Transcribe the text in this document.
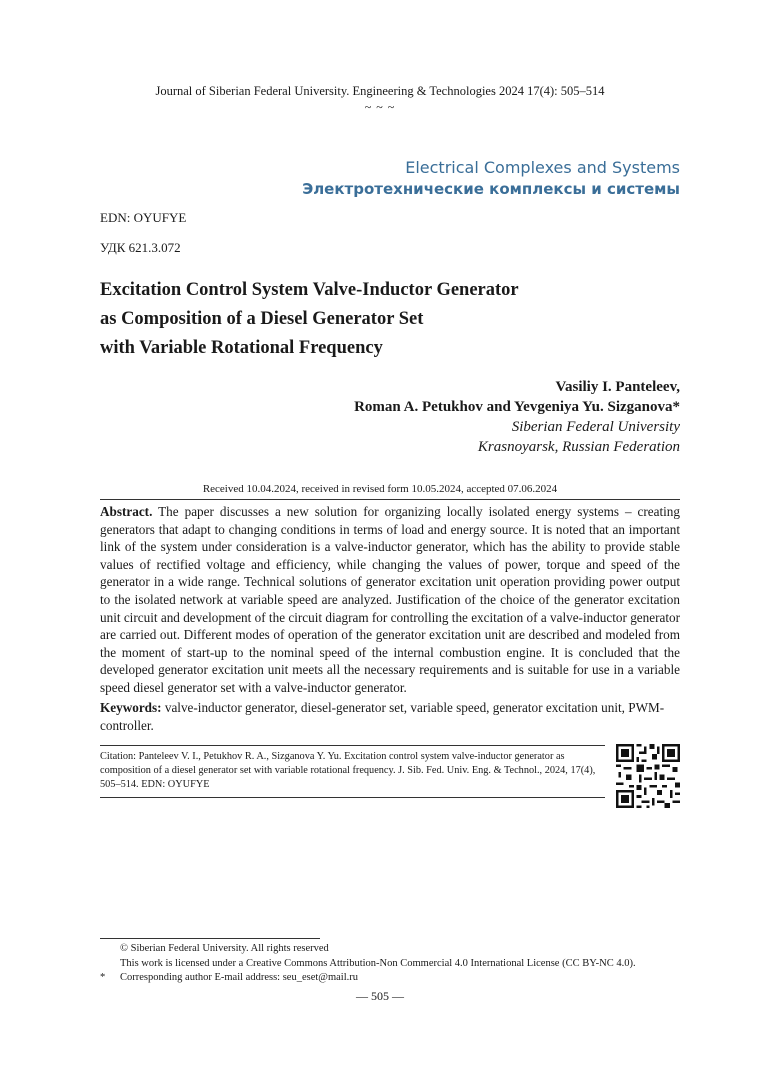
Journal of Siberian Federal University. Engineering & Technologies 2024 17(4): 505–514
~ ~ ~
Electrical Complexes and Systems
Электротехнические комплексы и системы
EDN: OYUFYE
УДК 621.3.072
Excitation Control System Valve-Inductor Generator
as Composition of a Diesel Generator Set
with Variable Rotational Frequency
Vasiliy I. Panteleev,
Roman A. Petukhov and Yevgeniya Yu. Sizganova*
Siberian Federal University
Krasnoyarsk, Russian Federation
Received 10.04.2024, received in revised form 10.05.2024, accepted 07.06.2024
Abstract. The paper discusses a new solution for organizing locally isolated energy systems – creating generators that adapt to changing conditions in terms of load and energy source. It is noted that an important link of the system under consideration is a valve-inductor generator, which has the ability to provide stable values of rectified voltage and efficiency, while changing the values of power, torque and speed of the generator in a wide range. Technical solutions of generator excitation unit operation providing power output to the isolated network at variable speed are analyzed. Justification of the choice of the generator excitation unit circuit and development of the circuit diagram for controlling the excitation of a valve-inductor generator are carried out. Different modes of operation of the generator excitation unit are described and modeled from the moment of start-up to the nominal speed of the internal combustion engine. It is concluded that the developed generator excitation unit meets all the necessary requirements and is suitable for use in a variable speed diesel generator set with a valve-inductor generator.
Keywords: valve-inductor generator, diesel-generator set, variable speed, generator excitation unit, PWM-controller.
Citation: Panteleev V. I., Petukhov R. A., Sizganova Y. Yu. Excitation control system valve-inductor generator as composition of a diesel generator set with variable rotational frequency. J. Sib. Fed. Univ. Eng. & Technol., 2024, 17(4), 505–514. EDN: OYUFYE
© Siberian Federal University. All rights reserved
This work is licensed under a Creative Commons Attribution-Non Commercial 4.0 International License (CC BY-NC 4.0).
*	Corresponding author E-mail address: seu_eset@mail.ru
— 505 —
